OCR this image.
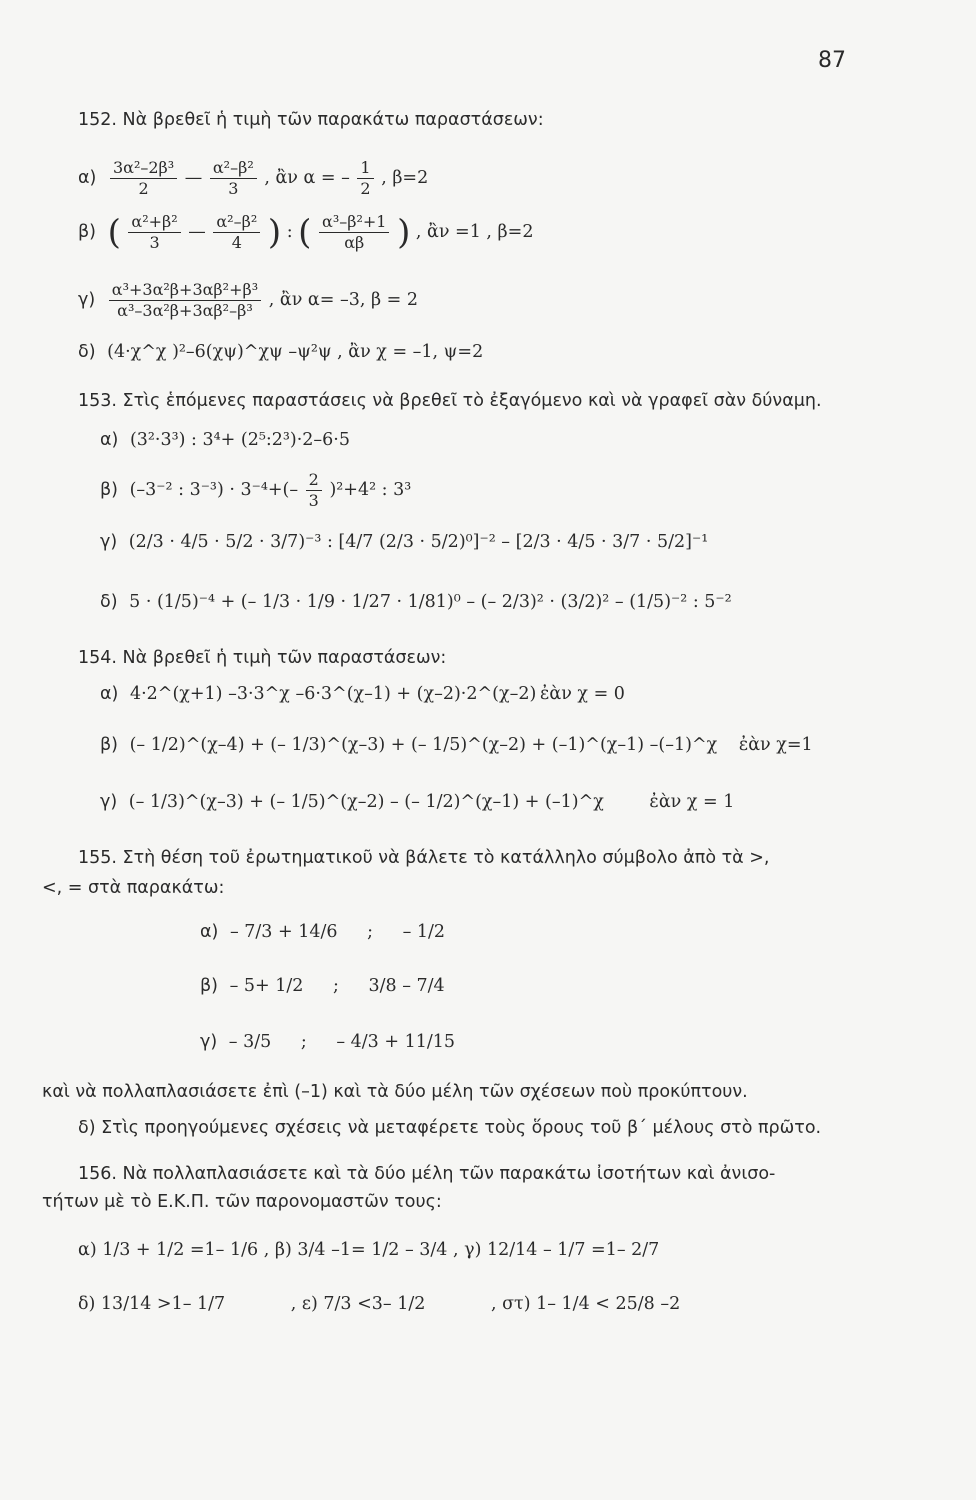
87
152. Νὰ βρεθεῖ ἡ τιμὴ τῶν παρακάτω παραστάσεων:
$\alpha) \frac{\text{3α²–2β³}}{2}$ — $\frac{\text{α²–β²}}{3}$ , ἂν α = – $\frac{1}{2}$ , β=2
β) ( $\frac{\text{α²+β²}}{3}$ — $\frac{\text{α²–β²}}{4}$ ) : ( $\frac{\text{α³–β²+1}}{\alpha\beta}$ ) , ἂν =1 , β=2
$\gamma) \frac{\text{α³+3α²β+3αβ²+β³}}{\text{α³–3α²β+3αβ²–β³}}$ , ἂν α= –3, β = 2
δ) (4·χ^χ )²–6(χψ)^χψ –ψ²ψ , ἂν χ = –1, ψ=2
153. Στὶς ἑπόμενες παραστάσεις νὰ βρεθεῖ τὸ ἐξαγόμενο καὶ νὰ γραφεῖ σὰν δύναμη.
α) (3²·3³) : 3⁴+ (2⁵:2³)·2–6·5
β) (–3⁻² : $3^{-3}) \cdot 3^{-4}+(- \frac{2}{3} )^2+4^2$ : 3³
γ) (2/3 · 4/5 · 5/2 · 3/7)⁻³ : [4/7 (2/3 · 5/2)⁰]⁻² – [2/3 · 4/5 · 3/7 · 5/2]⁻¹
δ) 5 · (1/5)⁻⁴ + (– 1/3 · 1/9 · 1/27 · 1/81)⁰ – (– 2/3)² · (3/2)² – (1/5)⁻² : 5⁻²
154. Νὰ βρεθεῖ ἡ τιμὴ τῶν παραστάσεων:
α) 4·2^(χ+1) –3·3^χ –6·3^(χ–1) + (χ–2)·2^(χ–2) ἐὰν χ = 0
β) (– 1/2)^(χ–4) + (– 1/3)^(χ–3) + (– 1/5)^(χ–2) + (–1)^(χ–1) –(–1)^χ ἐὰν χ=1
γ) (– 1/3)^(χ–3) + (– 1/5)^(χ–2) – (– 1/2)^(χ–1) + (–1)^χ	ἐὰν χ = 1
155. Στὴ θέση τοῦ ἐρωτηματικοῦ νὰ βάλετε τὸ κατάλληλο σύμβολο ἀπὸ τὰ >,
<, = στὰ παρακάτω:
α) – 7/3 + 14/6 ; – 1/2
β) – 5+ 1/2 ; 3/8 – 7/4
γ) – 3/5 ; – 4/3 + 11/15
καὶ νὰ πολλαπλασιάσετε ἐπὶ (–1) καὶ τὰ δύο μέλη τῶν σχέσεων ποὺ προκύπτουν.
δ) Στὶς προηγούμενες σχέσεις νὰ μεταφέρετε τοὺς ὅρους τοῦ β΄ μέλους στὸ πρῶτο.
156. Νὰ πολλαπλασιάσετε καὶ τὰ δύο μέλη τῶν παρακάτω ἰσοτήτων καὶ ἀνισο-
τήτων μὲ τὸ Ε.Κ.Π. τῶν παρονομαστῶν τους:
α) 1/3 + 1/2 =1– 1/6 , β) 3/4 –1= 1/2 – 3/4 , γ) 12/14 – 1/7 =1– 2/7
δ) 13/14 >1– 1/7	, ε) 7/3 <3– 1/2	, στ) 1– 1/4 < 25/8 –2
